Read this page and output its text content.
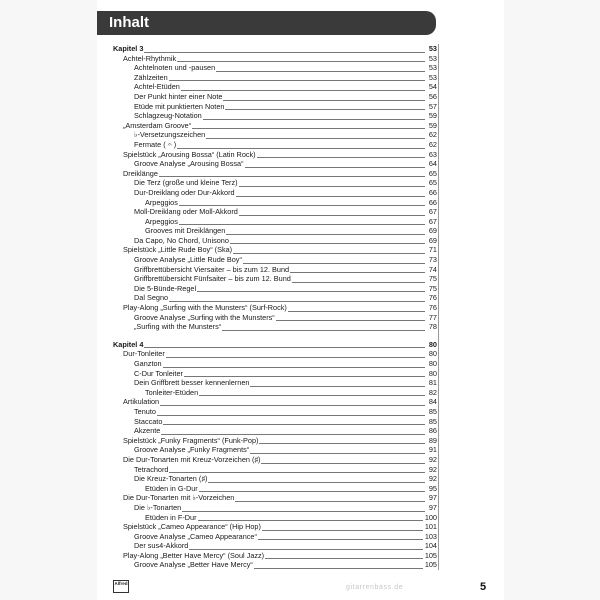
Inhalt
Kapitel 3	53
Achtel-Rhythmik	53
Achtelnoten und -pausen	53
Zählzeiten	53
Achtel-Etüden	54
Der Punkt hinter einer Note	56
Etüde mit punktierten Noten	57
Schlagzeug-Notation	59
„Amsterdam Groove“	59
♭-Versetzungszeichen	62
Fermate ( 𝄐 )	62
Spielstück „Arousing Bossa“ (Latin Rock)	63
Groove Analyse „Arousing Bossa“	64
Dreiklänge	65
Die Terz (große und kleine Terz)	65
Dur-Dreiklang oder Dur-Akkord	66
Arpeggios	66
Moll-Dreiklang oder Moll-Akkord	67
Arpeggios	67
Grooves mit Dreiklängen	69
Da Capo, No Chord, Unisono	69
Spielstück „Little Rude Boy“ (Ska)	71
Groove Analyse „Little Rude Boy“	73
Griffbrettübersicht Viersaiter – bis zum 12. Bund	74
Griffbrettübersicht Fünfsaiter – bis zum 12. Bund	75
Die 5-Bünde-Regel	75
Dal Segno	76
Play-Along „Surfing with the Munsters“ (Surf-Rock)	76
Groove Analyse „Surfing with the Munsters“	77
„Surfing with the Munsters“	78
Kapitel 4	80
Dur-Tonleiter	80
Ganzton	80
C-Dur Tonleiter	80
Dein Griffbrett besser kennenlernen	81
Tonleiter-Etüden	82
Artikulation	84
Tenuto	85
Staccato	85
Akzente	86
Spielstück „Funky Fragments“ (Funk-Pop)	89
Groove Analyse „Funky Fragments“	91
Die Dur-Tonarten mit Kreuz-Vorzeichen (♯)	92
Tetrachord	92
Die Kreuz-Tonarten (♯)	92
Etüden in G-Dur	95
Die Dur-Tonarten mit ♭-Vorzeichen	97
Die ♭-Tonarten	97
Etüden in F-Dur	100
Spielstück „Cameo Appearance“ (Hip Hop)	101
Groove Analyse „Cameo Appearance“	103
Der sus4-Akkord	104
Play-Along „Better Have Mercy“ (Soul Jazz)	105
Groove Analyse „Better Have Mercy“	105
Alfred
gitarrenbass.de	5
